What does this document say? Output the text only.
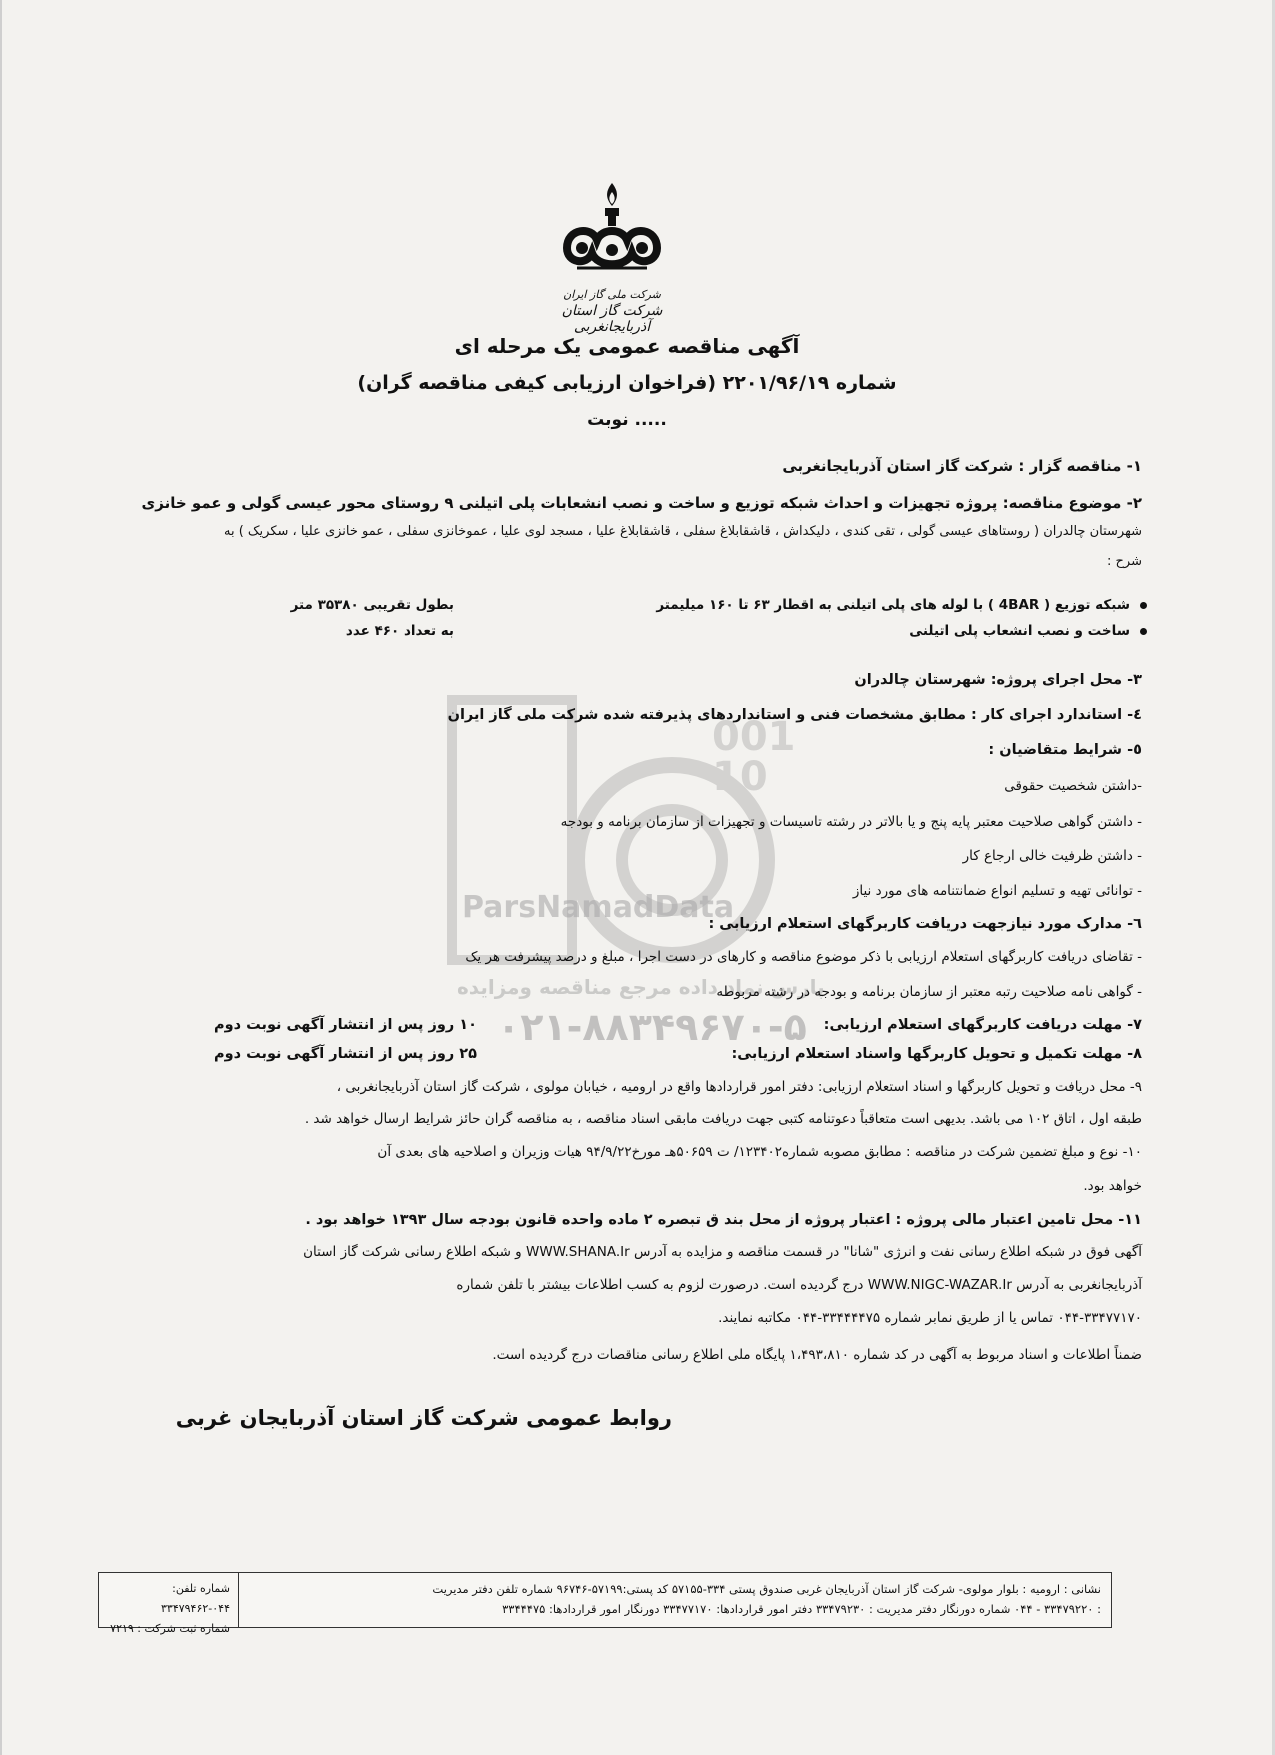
شرکت ملی گاز ایران
شرکت گاز استان آذربایجانغربی
آگهی مناقصه عمومی یک مرحله ای
(فراخوان ارزیابی کیفی مناقصه گران) شماره ۲۲۰۱/۹۶/۱۹
نوبت .....
001
10
ParsNamadData
پارس نماد داده مرجع مناقصه ومزایده
۰۲۱-۸۸۳۴۹۶۷۰-۵
۱- مناقصه گزار : شرکت گاز استان آذربایجانغربی
۲- موضوع مناقصه: پروژه تجهیزات و احداث شبکه توزیع و ساخت و نصب انشعابات پلی اتیلنی ۹ روستای محور عیسی گولی و عمو خانزی
شهرستان چالدران ( روستاهای عیسی گولی ، تقی کندی ، دلیکداش ، قاشقابلاغ سفلی ، قاشقابلاغ علیا ، مسجد لوی علیا ، عموخانزی سفلی ، عمو خانزی علیا ، سکریک ) به
شرح :
شبکه توزیع ( 4BAR ) با لوله های پلی اتیلنی به اقطار ۶۳ تا ۱۶۰ میلیمتر
بطول تقریبی ۳۵۳۸۰ متر
ساخت و نصب انشعاب پلی اتیلنی
به تعداد ۴۶۰ عدد
۳- محل اجرای پروژه: شهرستان چالدران
٤- استاندارد اجرای کار : مطابق مشخصات فنی و استانداردهای پذیرفته شده شرکت ملی گاز ایران
٥- شرایط متقاضیان :
-داشتن شخصیت حقوقی
- داشتن گواهی صلاحیت معتبر پایه پنج و یا بالاتر در رشته تاسیسات و تجهیزات از سازمان برنامه و بودجه
- داشتن ظرفیت خالی ارجاع کار
- توانائی تهیه و تسلیم انواع ضمانتنامه های مورد نیاز
٦- مدارک مورد نیازجهت دریافت کاربرگهای استعلام ارزیابی :
- تقاضای دریافت کاربرگهای استعلام ارزیابی با ذکر موضوع مناقصه و کارهای در دست اجرا ، مبلغ و درصد پیشرفت هر یک
- گواهی نامه صلاحیت رتبه معتبر از سازمان برنامه و بودجه در رشته مربوطه
۷- مهلت دریافت کاربرگهای استعلام ارزیابی:
۱۰ روز پس از انتشار آگهی نوبت دوم
۸- مهلت تکمیل و تحویل کاربرگها واسناد استعلام ارزیابی:
۲۵ روز پس از انتشار آگهی نوبت دوم
۹- محل دریافت و تحویل کاربرگها و اسناد استعلام ارزیابی: دفتر امور قراردادها واقع در ارومیه ، خیابان مولوی ، شرکت گاز استان آذربایجانغربی ،
طبقه اول ، اتاق ۱۰۲ می باشد. بدیهی است متعاقباً دعوتنامه کتبی جهت دریافت مابقی اسناد مناقصه ، به مناقصه گران حائز شرایط ارسال خواهد شد .
۱۰- نوع و مبلغ تضمین شرکت در مناقصه : مطابق مصوبه شماره۱۲۳۴۰۲/ ت ۵۰۶۵۹هـ مورخ۹۴/۹/۲۲ هیات وزیران و اصلاحیه های بعدی آن
خواهد بود.
۱۱- محل تامین اعتبار مالی پروژه : اعتبار پروژه از محل بند ق تبصره ۲ ماده واحده قانون بودجه سال ۱۳۹۳ خواهد بود .
آگهی فوق در شبکه اطلاع رسانی نفت و انرژی "شانا" در قسمت مناقصه و مزایده به آدرس WWW.SHANA.Ir و شبکه اطلاع رسانی شرکت گاز استان
آذربایجانغربی به آدرس WWW.NIGC-WAZAR.Ir درج گردیده است. درصورت لزوم به کسب اطلاعات بیشتر با تلفن شماره
۰۴۴-۳۳۴۷۷۱۷۰ تماس یا از طریق نمابر شماره ۳۳۴۴۴۴۷۵-۰۴۴ مکاتبه نمایند.
ضمناً اطلاعات و اسناد مربوط به آگهی در کد شماره ۱،۴۹۳،۸۱۰ پایگاه ملی اطلاع رسانی مناقصات درج گردیده است.
روابط عمومی شرکت گاز استان آذربایجان غربی
شماره تلفن: ۰۴۴-۳۳۴۷۹۴۶۲
شماره ثبت شرکت : ۷۲۱۹
نشانی : ارومیه : بلوار مولوی- شرکت گاز استان آذربایجان غربی صندوق پستی ۳۳۴-۵۷۱۵۵ کد پستی:۵۷۱۹۹-۹۶۷۴۶ شماره تلفن دفتر مدیریت
: ۳۳۴۷۹۲۲۰ - ۰۴۴ شماره دورنگار دفتر مدیریت : ۳۳۴۷۹۲۳۰ دفتر امور قراردادها: ۳۳۴۷۷۱۷۰ دورنگار امور قراردادها: ۳۳۴۴۴۷۵
